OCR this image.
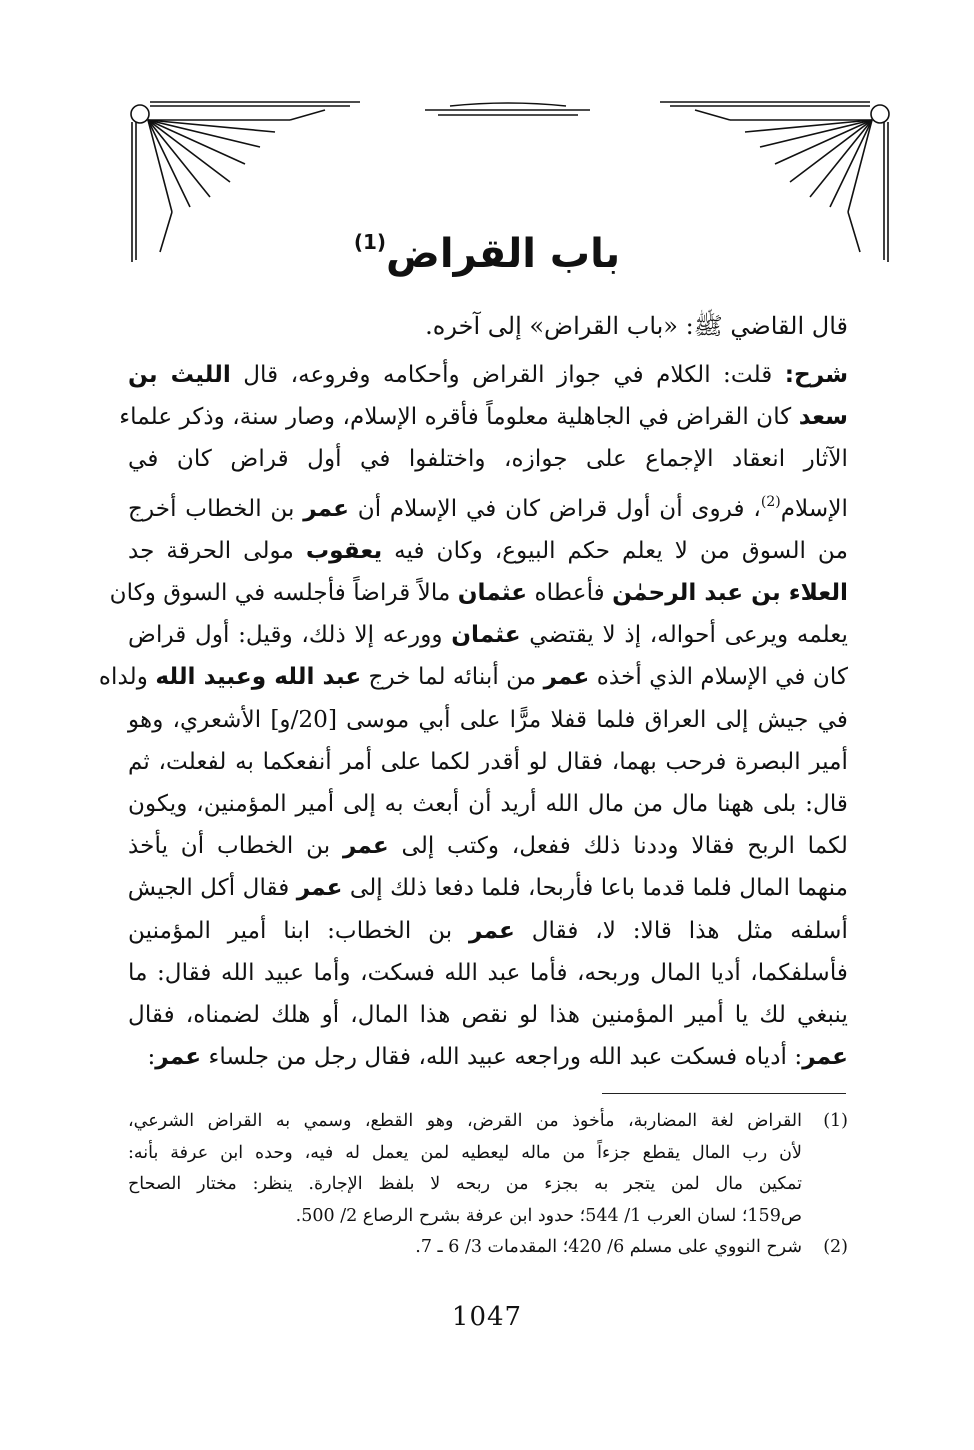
باب القراض$^{(1)}$

قال القاضي ﷺ: «باب القراض» إلى آخره.

شرح: قلت: الكلام في جواز القراض وأحكامه وفروعه، قال الليث بن
سعد كان القراض في الجاهلية معلوماً فأقره الإسلام، وصار سنة، وذكر علماء
الآثار انعقاد الإجماع على جوازه، واختلفوا في أول قراض كان في
الإسلام$^{(2)}$، فروى أن أول قراض كان في الإسلام أن عمر بن الخطاب أخرج
من السوق من لا يعلم حكم البيوع، وكان فيه يعقوب مولى الحرقة جد
العلاء بن عبد الرحمٰن فأعطاه عثمان مالاً قراضاً فأجلسه في السوق وكان
يعلمه ويرعى أحواله، إذ لا يقتضي عثمان وورعه إلا ذلك، وقيل: أول قراض
كان في الإسلام الذي أخذه عمر من أبنائه لما خرج عبد الله وعبيد الله ولداه
في جيش إلى العراق فلما قفلا مرًّا على أبي موسى [20/و] الأشعري، وهو
أمير البصرة فرحب بهما، فقال لو أقدر لكما على أمر أنفعكما به لفعلت، ثم
قال: بلى ههنا مال من مال الله أريد أن أبعث به إلى أمير المؤمنين، ويكون
لكما الربح فقالا وددنا ذلك ففعل، وكتب إلى عمر بن الخطاب أن يأخذ
منهما المال فلما قدما باعا فأربحا، فلما دفعا ذلك إلى عمر فقال أكل الجيش
أسلفه مثل هذا قالا: لا، فقال عمر بن الخطاب: ابنا أمير المؤمنين
فأسلفكما، أديا المال وربحه، فأما عبد الله فسكت، وأما عبيد الله فقال: ما
ينبغي لك يا أمير المؤمنين هذا لو نقص هذا المال، أو هلك لضمناه، فقال
عمر: أدياه فسكت عبد الله وراجعه عبيد الله، فقال رجل من جلساء عمر:
(1)
القراض لغة المضاربة، مأخوذ من القرض، وهو القطع، وسمي به القراض الشرعي،
لأن رب المال يقطع جزءاً من ماله ليعطيه لمن يعمل له فيه، وحده ابن عرفة بأنه:
تمكين مال لمن يتجر به بجزء من ربحه لا بلفظ الإجارة. ينظر: مختار الصحاح
ص159؛ لسان العرب 1/ 544؛ حدود ابن عرفة بشرح الرصاع 2/ 500.
(2)
شرح النووي على مسلم 6/ 420؛ المقدمات 3/ 6 ـ 7.
1047
